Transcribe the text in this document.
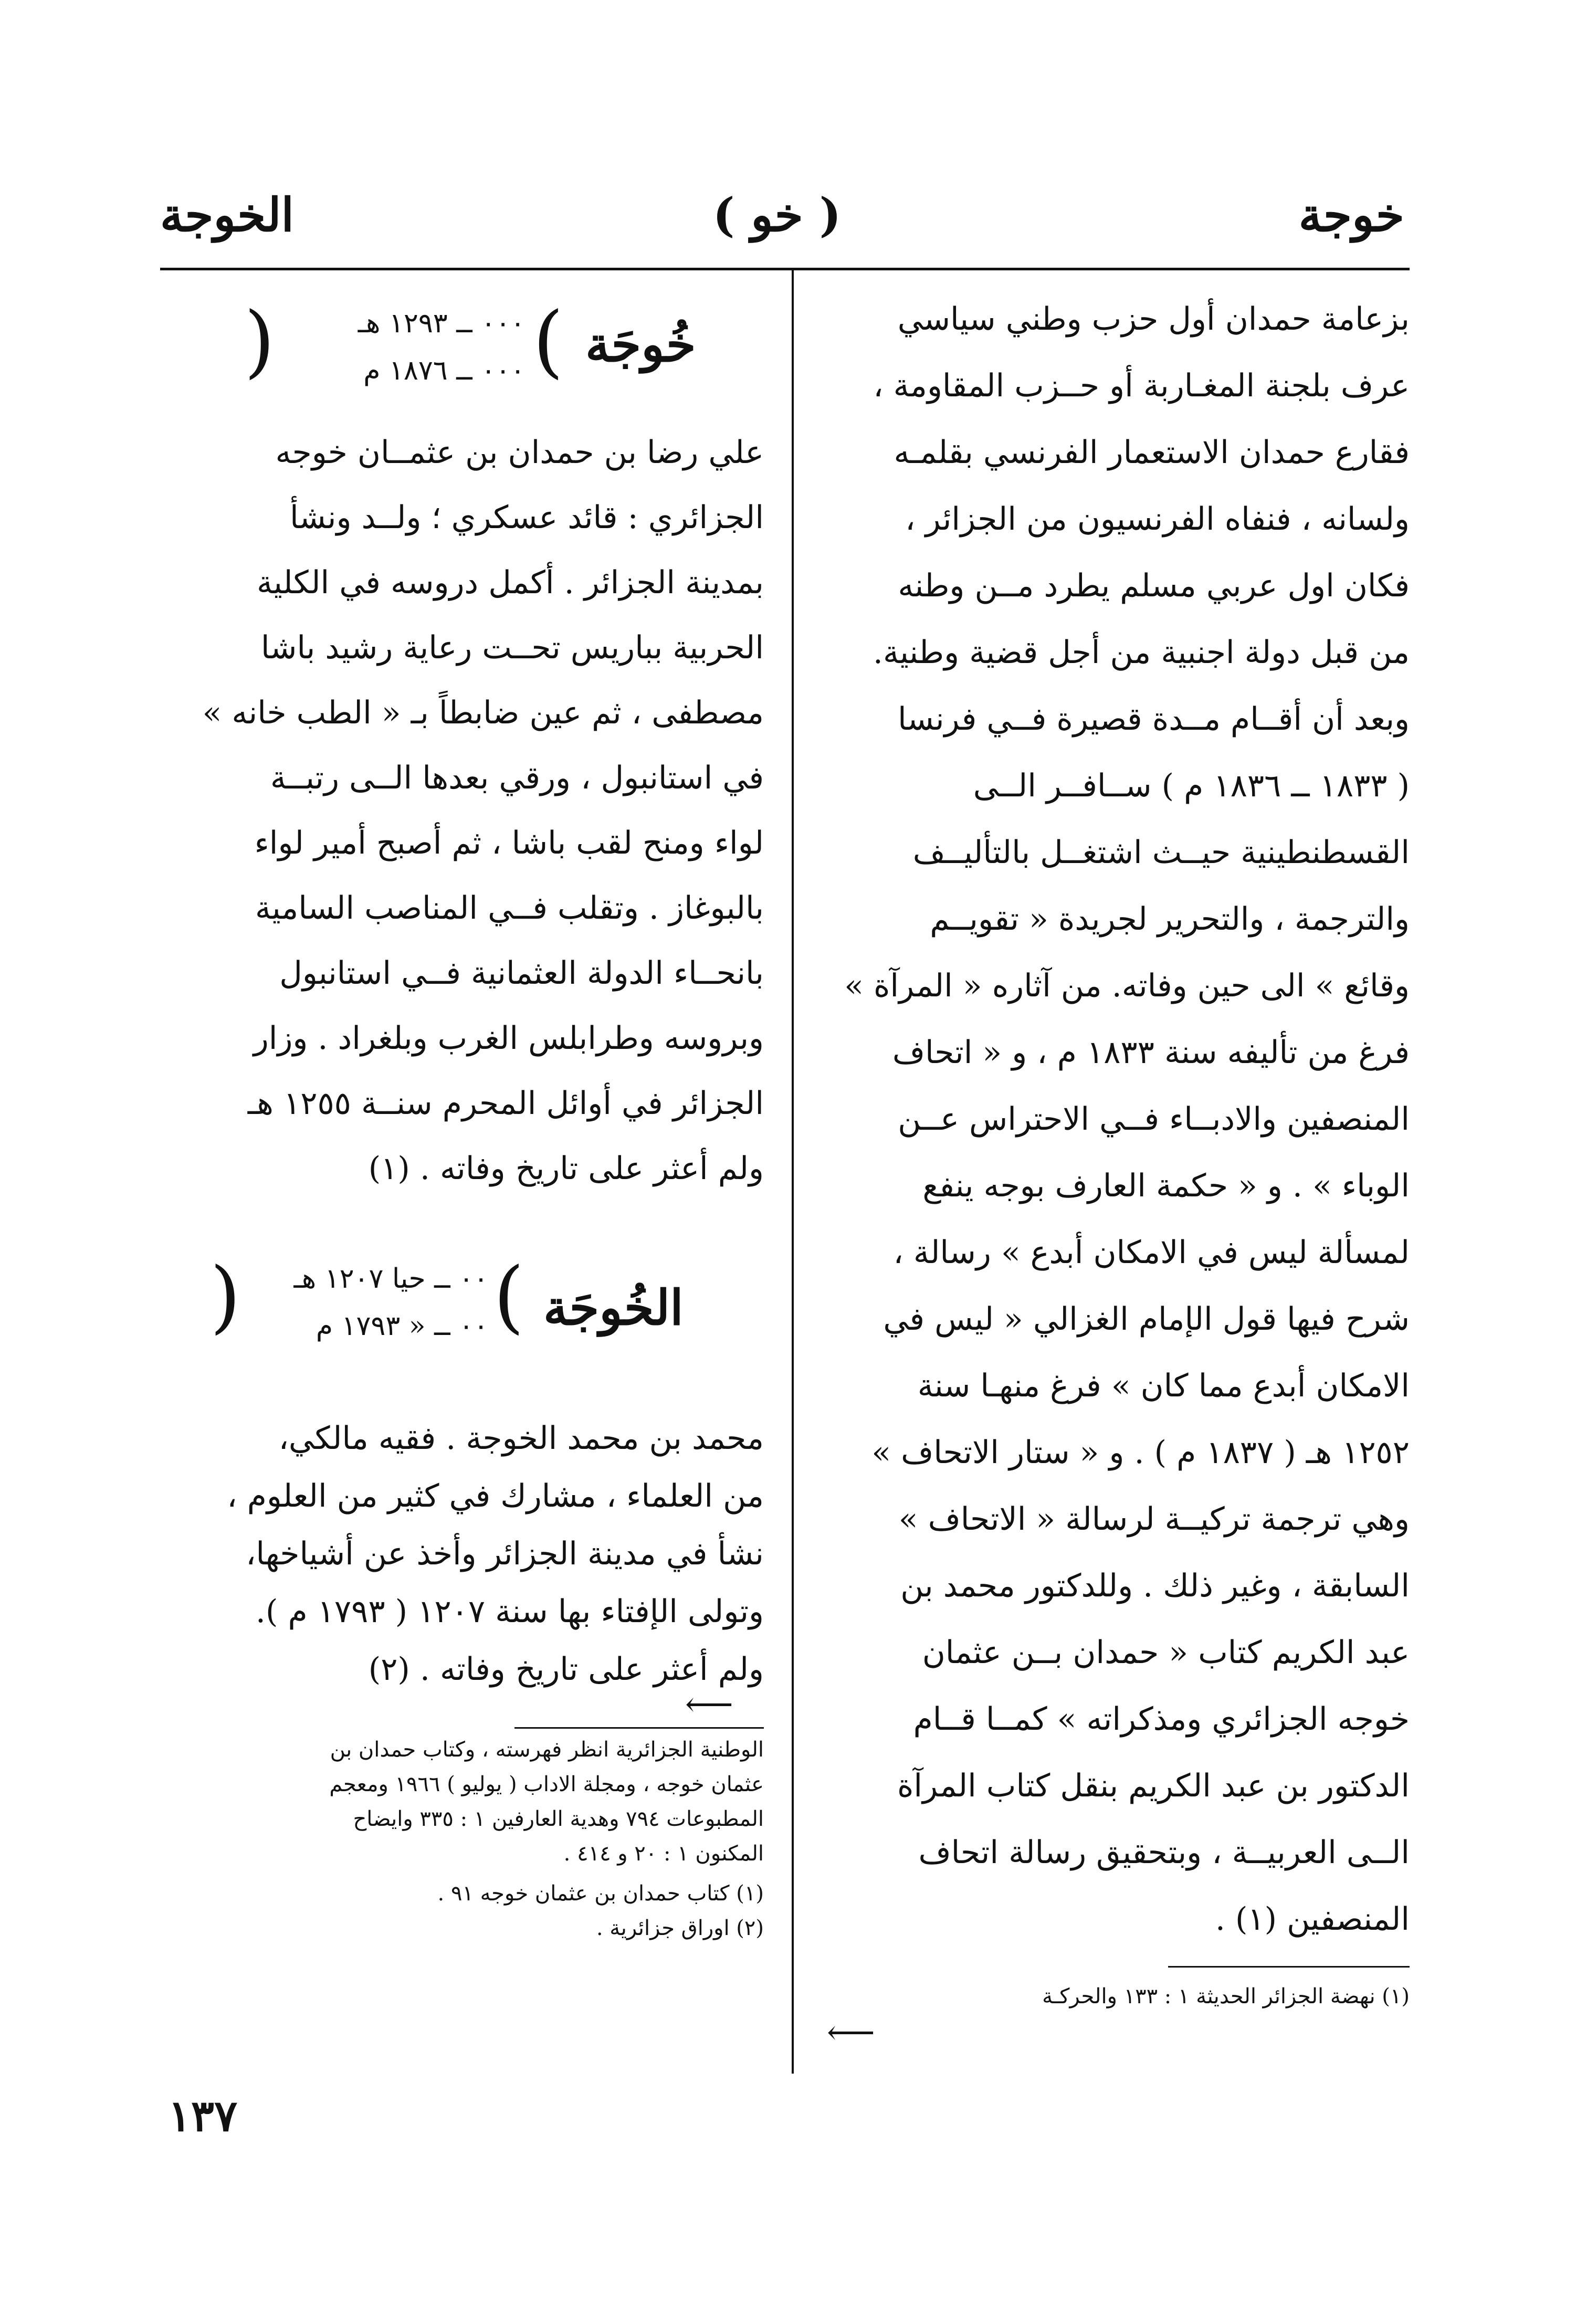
خوجة
( خو )
الخوجة
بزعامة حمدان أول حزب وطني سياسي
عرف بلجنة المغـاربة أو حــزب المقاومة ،
فقارع حمدان الاستعمار الفرنسي بقلمـه
ولسانه ، فنفاه الفرنسيون من الجزائر ،
فكان اول عربي مسلم يطرد مــن وطنه
من قبل دولة اجنبية من أجل قضية وطنية.
وبعد أن أقــام مــدة قصيرة فــي فرنسا
( ١٨٣٣ ــ ١٨٣٦ م ) ســافــر الــى
القسطنطينية حيــث اشتغــل بالتأليــف
والترجمة ، والتحرير لجريدة « تقويــم
وقائع » الى حين وفاته. من آثاره « المرآة »
فرغ من تأليفه سنة ١٨٣٣ م ، و « اتحاف
المنصفين والادبــاء فــي الاحتراس عــن
الوباء » . و « حكمة العارف بوجه ينفع
لمسألة ليس في الامكان أبدع » رسالة ،
شرح فيها قول الإمام الغزالي « ليس في
الامكان أبدع مما كان » فرغ منهـا سنة
١٢٥٢ هـ ( ١٨٣٧ م ) . و « ستار الاتحاف »
وهي ترجمة تركيــة لرسالة « الاتحاف »
السابقة ، وغير ذلك . وللدكتور محمد بن
عبد الكريم كتاب « حمدان بــن عثمان
خوجه الجزائري ومذكراته » كمــا قــام
الدكتور بن عبد الكريم بنقل كتاب المرآة
الــى العربيــة ، وبتحقيق رسالة اتحاف
المنصفين (١) .
(١) نهضة الجزائر الحديثة ١ : ١٣٣ والحركـة
⟵
خُوجَة
(
٠٠٠ ــ ١٢٩٣ هـ
٠٠٠ ــ ١٨٧٦ م
)
علي رضا بن حمدان بن عثمــان خوجه
الجزائري : قائد عسكري ؛ ولــد ونشأ
بمدينة الجزائر . أكمل دروسه في الكلية
الحربية بباريس تحــت رعاية رشيد باشا
مصطفى ، ثم عين ضابطاً بـ « الطب خانه »
في استانبول ، ورقي بعدها الــى رتبــة
لواء ومنح لقب باشا ، ثم أصبح أمير لواء
بالبوغاز . وتقلب فــي المناصب السامية
بانحــاء الدولة العثمانية فــي استانبول
وبروسه وطرابلس الغرب وبلغراد . وزار
الجزائر في أوائل المحرم سنــة ١٢٥٥ هـ
ولم أعثر على تاريخ وفاته . (١)
الخُوجَة
(
٠٠ ــ حيا ١٢٠٧ هـ
٠٠ ــ « ١٧٩٣ م
)
محمد بن محمد الخوجة . فقيه مالكي،
من العلماء ، مشارك في كثير من العلوم ،
نشأ في مدينة الجزائر وأخذ عن أشياخها،
وتولى الإفتاء بها سنة ١٢٠٧ ( ١٧٩٣ م ).
ولم أعثر على تاريخ وفاته . (٢)
⟵
الوطنية الجزائرية انظر فهرسته ، وكتاب حمدان بن
عثمان خوجه ، ومجلة الاداب ( يوليو ) ١٩٦٦ ومعجم
المطبوعات ٧٩٤ وهدية العارفين ١ : ٣٣٥ وايضاح
المكنون ١ : ٢٠ و ٤١٤ .
(١) كتاب حمدان بن عثمان خوجه ٩١ .
(٢) اوراق جزائرية .
١٣٧
